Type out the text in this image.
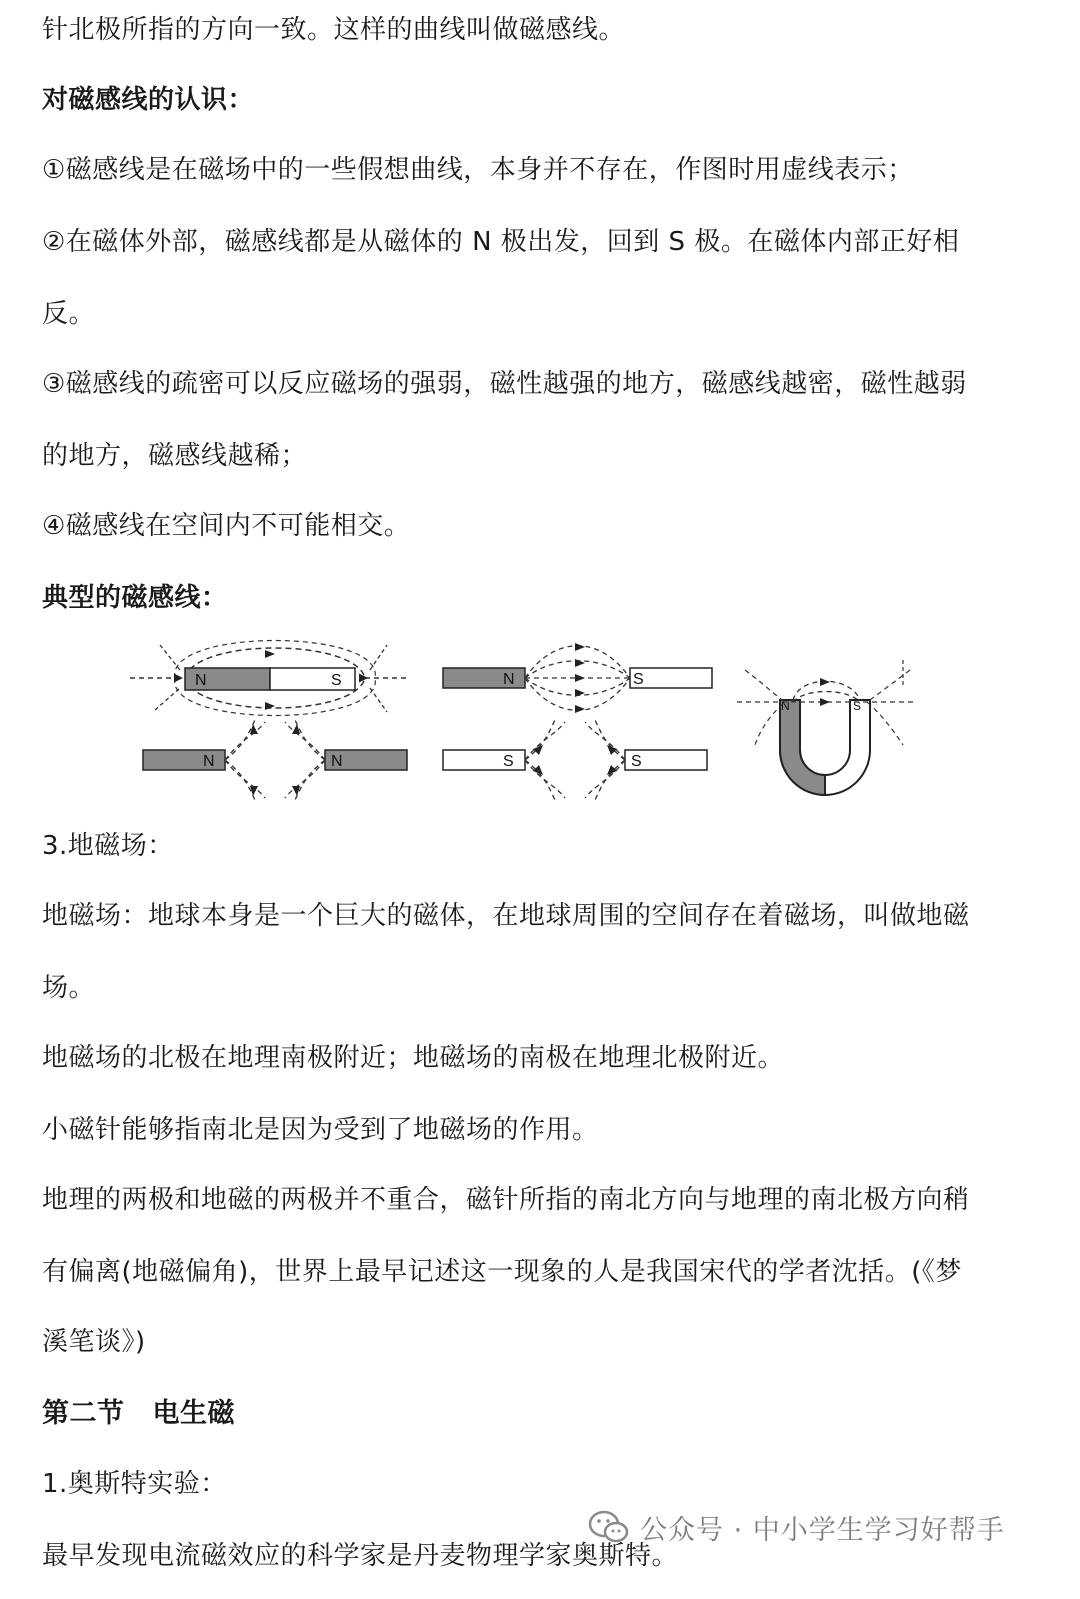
针北极所指的方向一致。这样的曲线叫做磁感线。

对磁感线的认识：

①磁感线是在磁场中的一些假想曲线，本身并不存在，作图时用虚线表示；

②在磁体外部，磁感线都是从磁体的 N 极出发，回到 S 极。在磁体内部正好相

反。

③磁感线的疏密可以反应磁场的强弱，磁性越强的地方，磁感线越密，磁性越弱

的地方，磁感线越稀；

④磁感线在空间内不可能相交。

典型的磁感线：

N	S	N	S
N	S
N	N	S	S

3.地磁场：

地磁场：地球本身是一个巨大的磁体，在地球周围的空间存在着磁场，叫做地磁

场。

地磁场的北极在地理南极附近；地磁场的南极在地理北极附近。

小磁针能够指南北是因为受到了地磁场的作用。

地理的两极和地磁的两极并不重合，磁针所指的南北方向与地理的南北极方向稍

有偏离(地磁偏角)，世界上最早记述这一现象的人是我国宋代的学者沈括。(《梦

溪笔谈》)

第二节 电生磁

1.奥斯特实验：

最早发现电流磁效应的科学家是丹麦物理学家奥斯特。

公众号 · 中小学生学习好帮手
